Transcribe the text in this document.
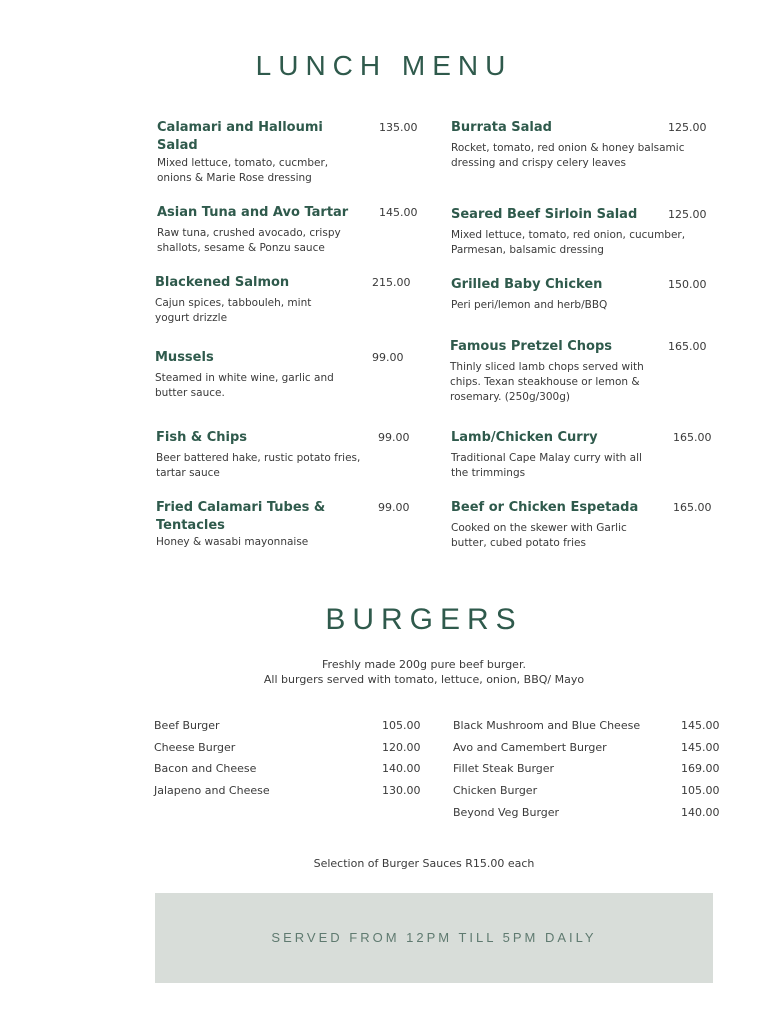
LUNCH MENU
Calamari and Halloumi Salad
135.00
Mixed lettuce, tomato, cucmber, onions & Marie Rose dressing
Asian Tuna and Avo Tartar	145.00
Raw tuna, crushed avocado, crispy shallots, sesame & Ponzu sauce
Blackened Salmon	215.00
Cajun spices, tabbouleh, mint yogurt drizzle
Mussels	99.00
Steamed in white wine, garlic and butter sauce.
Fish & Chips	99.00
Beer battered hake, rustic potato fries, tartar sauce
Fried Calamari Tubes & Tentacles
99.00
Honey & wasabi mayonnaise
Burrata Salad	125.00
Rocket, tomato, red onion & honey balsamic dressing and crispy celery leaves
Seared Beef Sirloin Salad	125.00
Mixed lettuce, tomato, red onion, cucumber, Parmesan, balsamic dressing
Grilled Baby Chicken	150.00
Peri peri/lemon and herb/BBQ
Famous Pretzel Chops	165.00
Thinly sliced lamb chops served with chips. Texan steakhouse or lemon & rosemary. (250g/300g)
Lamb/Chicken Curry	165.00
Traditional Cape Malay curry with all the trimmings
Beef or Chicken Espetada	165.00
Cooked on the skewer with Garlic butter, cubed potato fries
BURGERS
Freshly made 200g pure beef burger.
All burgers served with tomato, lettuce, onion, BBQ/ Mayo
Beef Burger	105.00
Cheese Burger	120.00
Bacon and Cheese	140.00
Jalapeno and Cheese	130.00
Black Mushroom and Blue Cheese	145.00
Avo and Camembert Burger	145.00
Fillet Steak Burger	169.00
Chicken Burger	105.00
Beyond Veg Burger	140.00
Selection of Burger Sauces R15.00 each
SERVED FROM 12PM TILL 5PM DAILY
